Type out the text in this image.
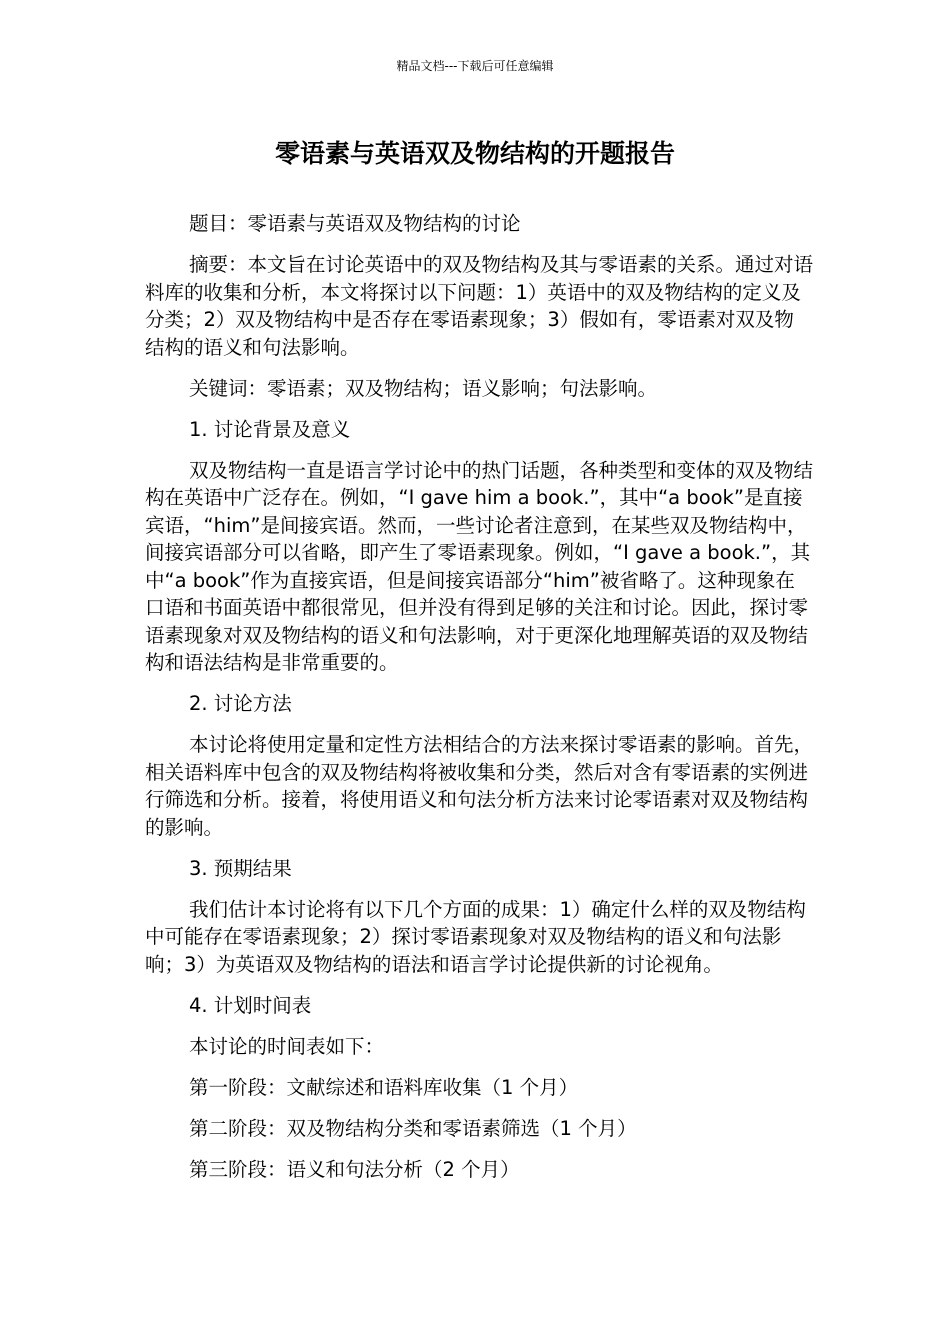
精品文档---下载后可任意编辑
零语素与英语双及物结构的开题报告

题目：零语素与英语双及物结构的讨论

摘要：本文旨在讨论英语中的双及物结构及其与零语素的关系。通过对语料库的收集和分析，本文将探讨以下问题：1）英语中的双及物结构的定义及分类；2）双及物结构中是否存在零语素现象；3）假如有，零语素对双及物结构的语义和句法影响。

关键词：零语素；双及物结构；语义影响；句法影响。

1. 讨论背景及意义

双及物结构一直是语言学讨论中的热门话题，各种类型和变体的双及物结构在英语中广泛存在。例如，“I gave him a book.”，其中“a book”是直接宾语，“him”是间接宾语。然而，一些讨论者注意到，在某些双及物结构中，间接宾语部分可以省略，即产生了零语素现象。例如，“I gave a book.”，其中“a book”作为直接宾语，但是间接宾语部分“him”被省略了。这种现象在口语和书面英语中都很常见，但并没有得到足够的关注和讨论。因此，探讨零语素现象对双及物结构的语义和句法影响，对于更深化地理解英语的双及物结构和语法结构是非常重要的。

2. 讨论方法

本讨论将使用定量和定性方法相结合的方法来探讨零语素的影响。首先，相关语料库中包含的双及物结构将被收集和分类，然后对含有零语素的实例进行筛选和分析。接着，将使用语义和句法分析方法来讨论零语素对双及物结构的影响。

3. 预期结果

我们估计本讨论将有以下几个方面的成果：1）确定什么样的双及物结构中可能存在零语素现象；2）探讨零语素现象对双及物结构的语义和句法影响；3）为英语双及物结构的语法和语言学讨论提供新的讨论视角。

4. 计划时间表

本讨论的时间表如下：

第一阶段：文献综述和语料库收集（1 个月）

第二阶段：双及物结构分类和零语素筛选（1 个月）

第三阶段：语义和句法分析（2 个月）
